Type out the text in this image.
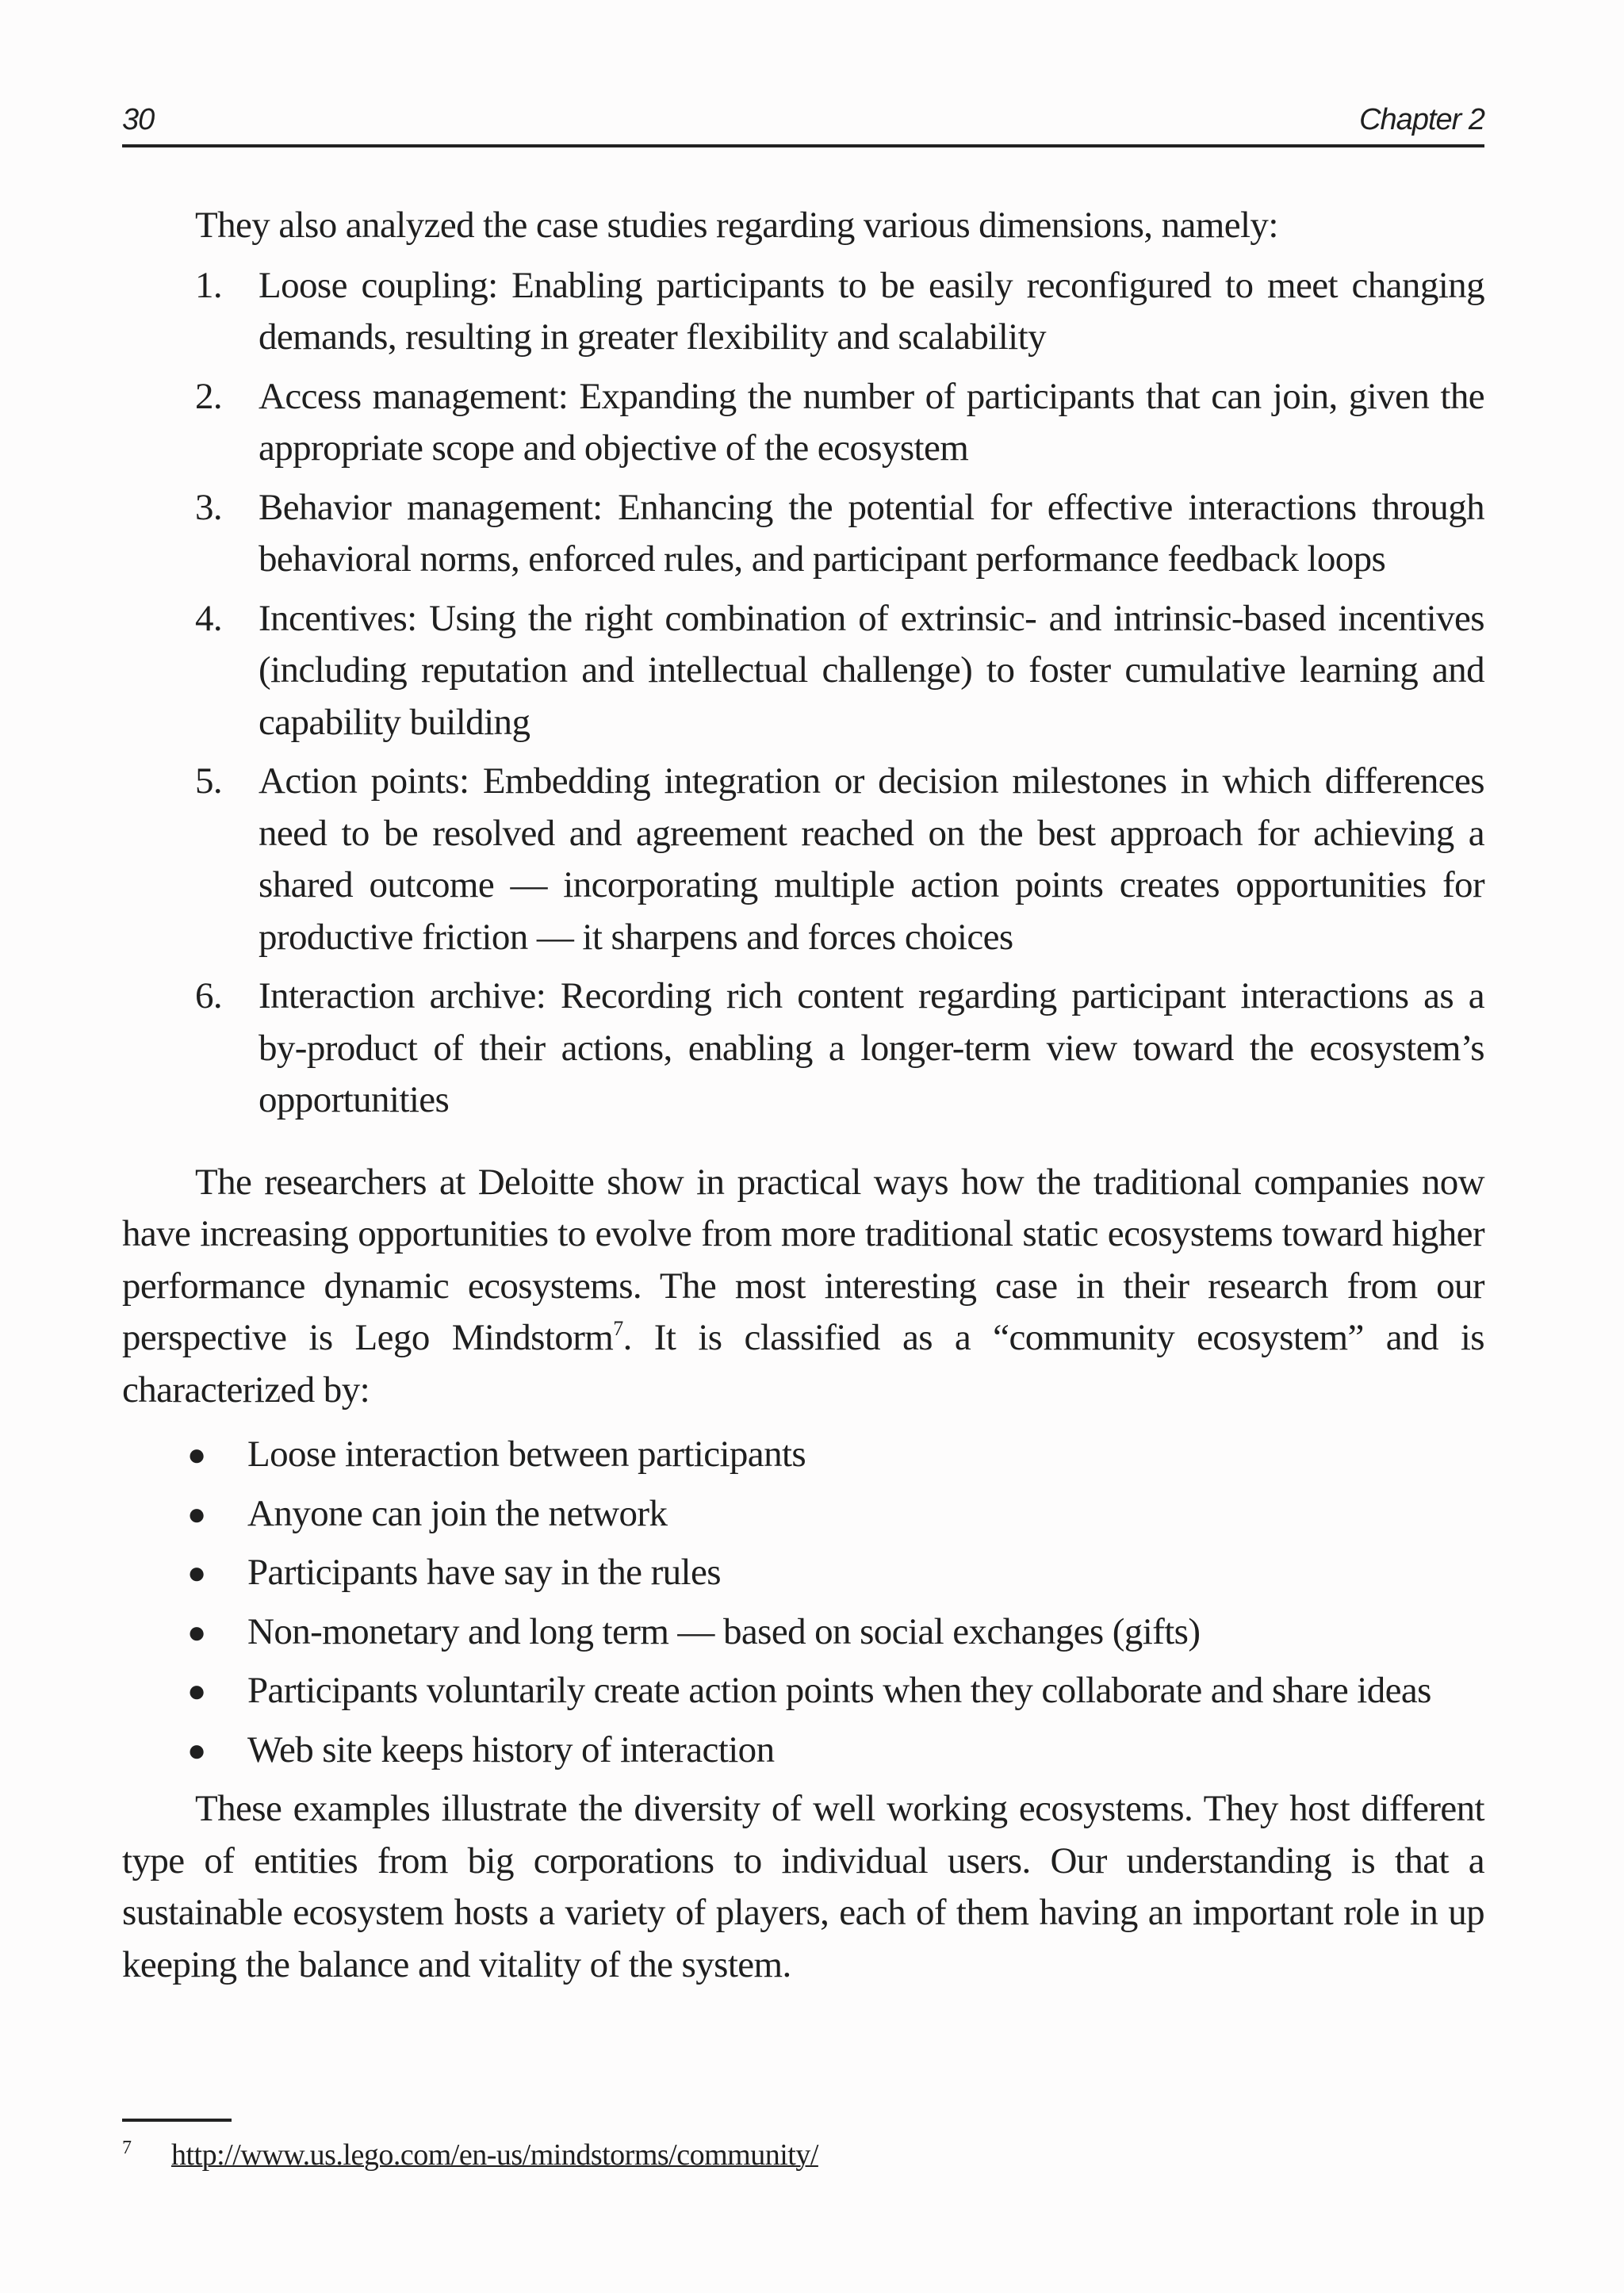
30	Chapter 2

They also analyzed the case studies regarding various dimensions, namely:

1. Loose coupling: Enabling participants to be easily reconfigured to meet changing demands, resulting in greater flexibility and scalability
2. Access management: Expanding the number of participants that can join, given the appropriate scope and objective of the ecosystem
3. Behavior management: Enhancing the potential for effective interactions through behavioral norms, enforced rules, and participant performance feedback loops
4. Incentives: Using the right combination of extrinsic- and intrinsic-based incentives (including reputation and intellectual challenge) to foster cumulative learning and capability building
5. Action points: Embedding integration or decision milestones in which differences need to be resolved and agreement reached on the best approach for achieving a shared outcome — incorporating multiple action points creates opportunities for productive friction — it sharpens and forces choices
6. Interaction archive: Recording rich content regarding participant interactions as a by-product of their actions, enabling a longer-term view toward the ecosystem’s opportunities

The researchers at Deloitte show in practical ways how the traditional companies now have increasing opportunities to evolve from more traditional static ecosystems toward higher performance dynamic ecosystems. The most interesting case in their research from our perspective is Lego Mindstorm$^7$. It is classified as a “community ecosystem” and is characterized by:

● Loose interaction between participants
● Anyone can join the network
● Participants have say in the rules
● Non-monetary and long term — based on social exchanges (gifts)
● Participants voluntarily create action points when they collaborate and share ideas
● Web site keeps history of interaction

These examples illustrate the diversity of well working ecosystems. They host different type of entities from big corporations to individual users. Our understanding is that a sustainable ecosystem hosts a variety of players, each of them having an important role in up keeping the balance and vitality of the system.

7 http://www.us.lego.com/en-us/mindstorms/community/
